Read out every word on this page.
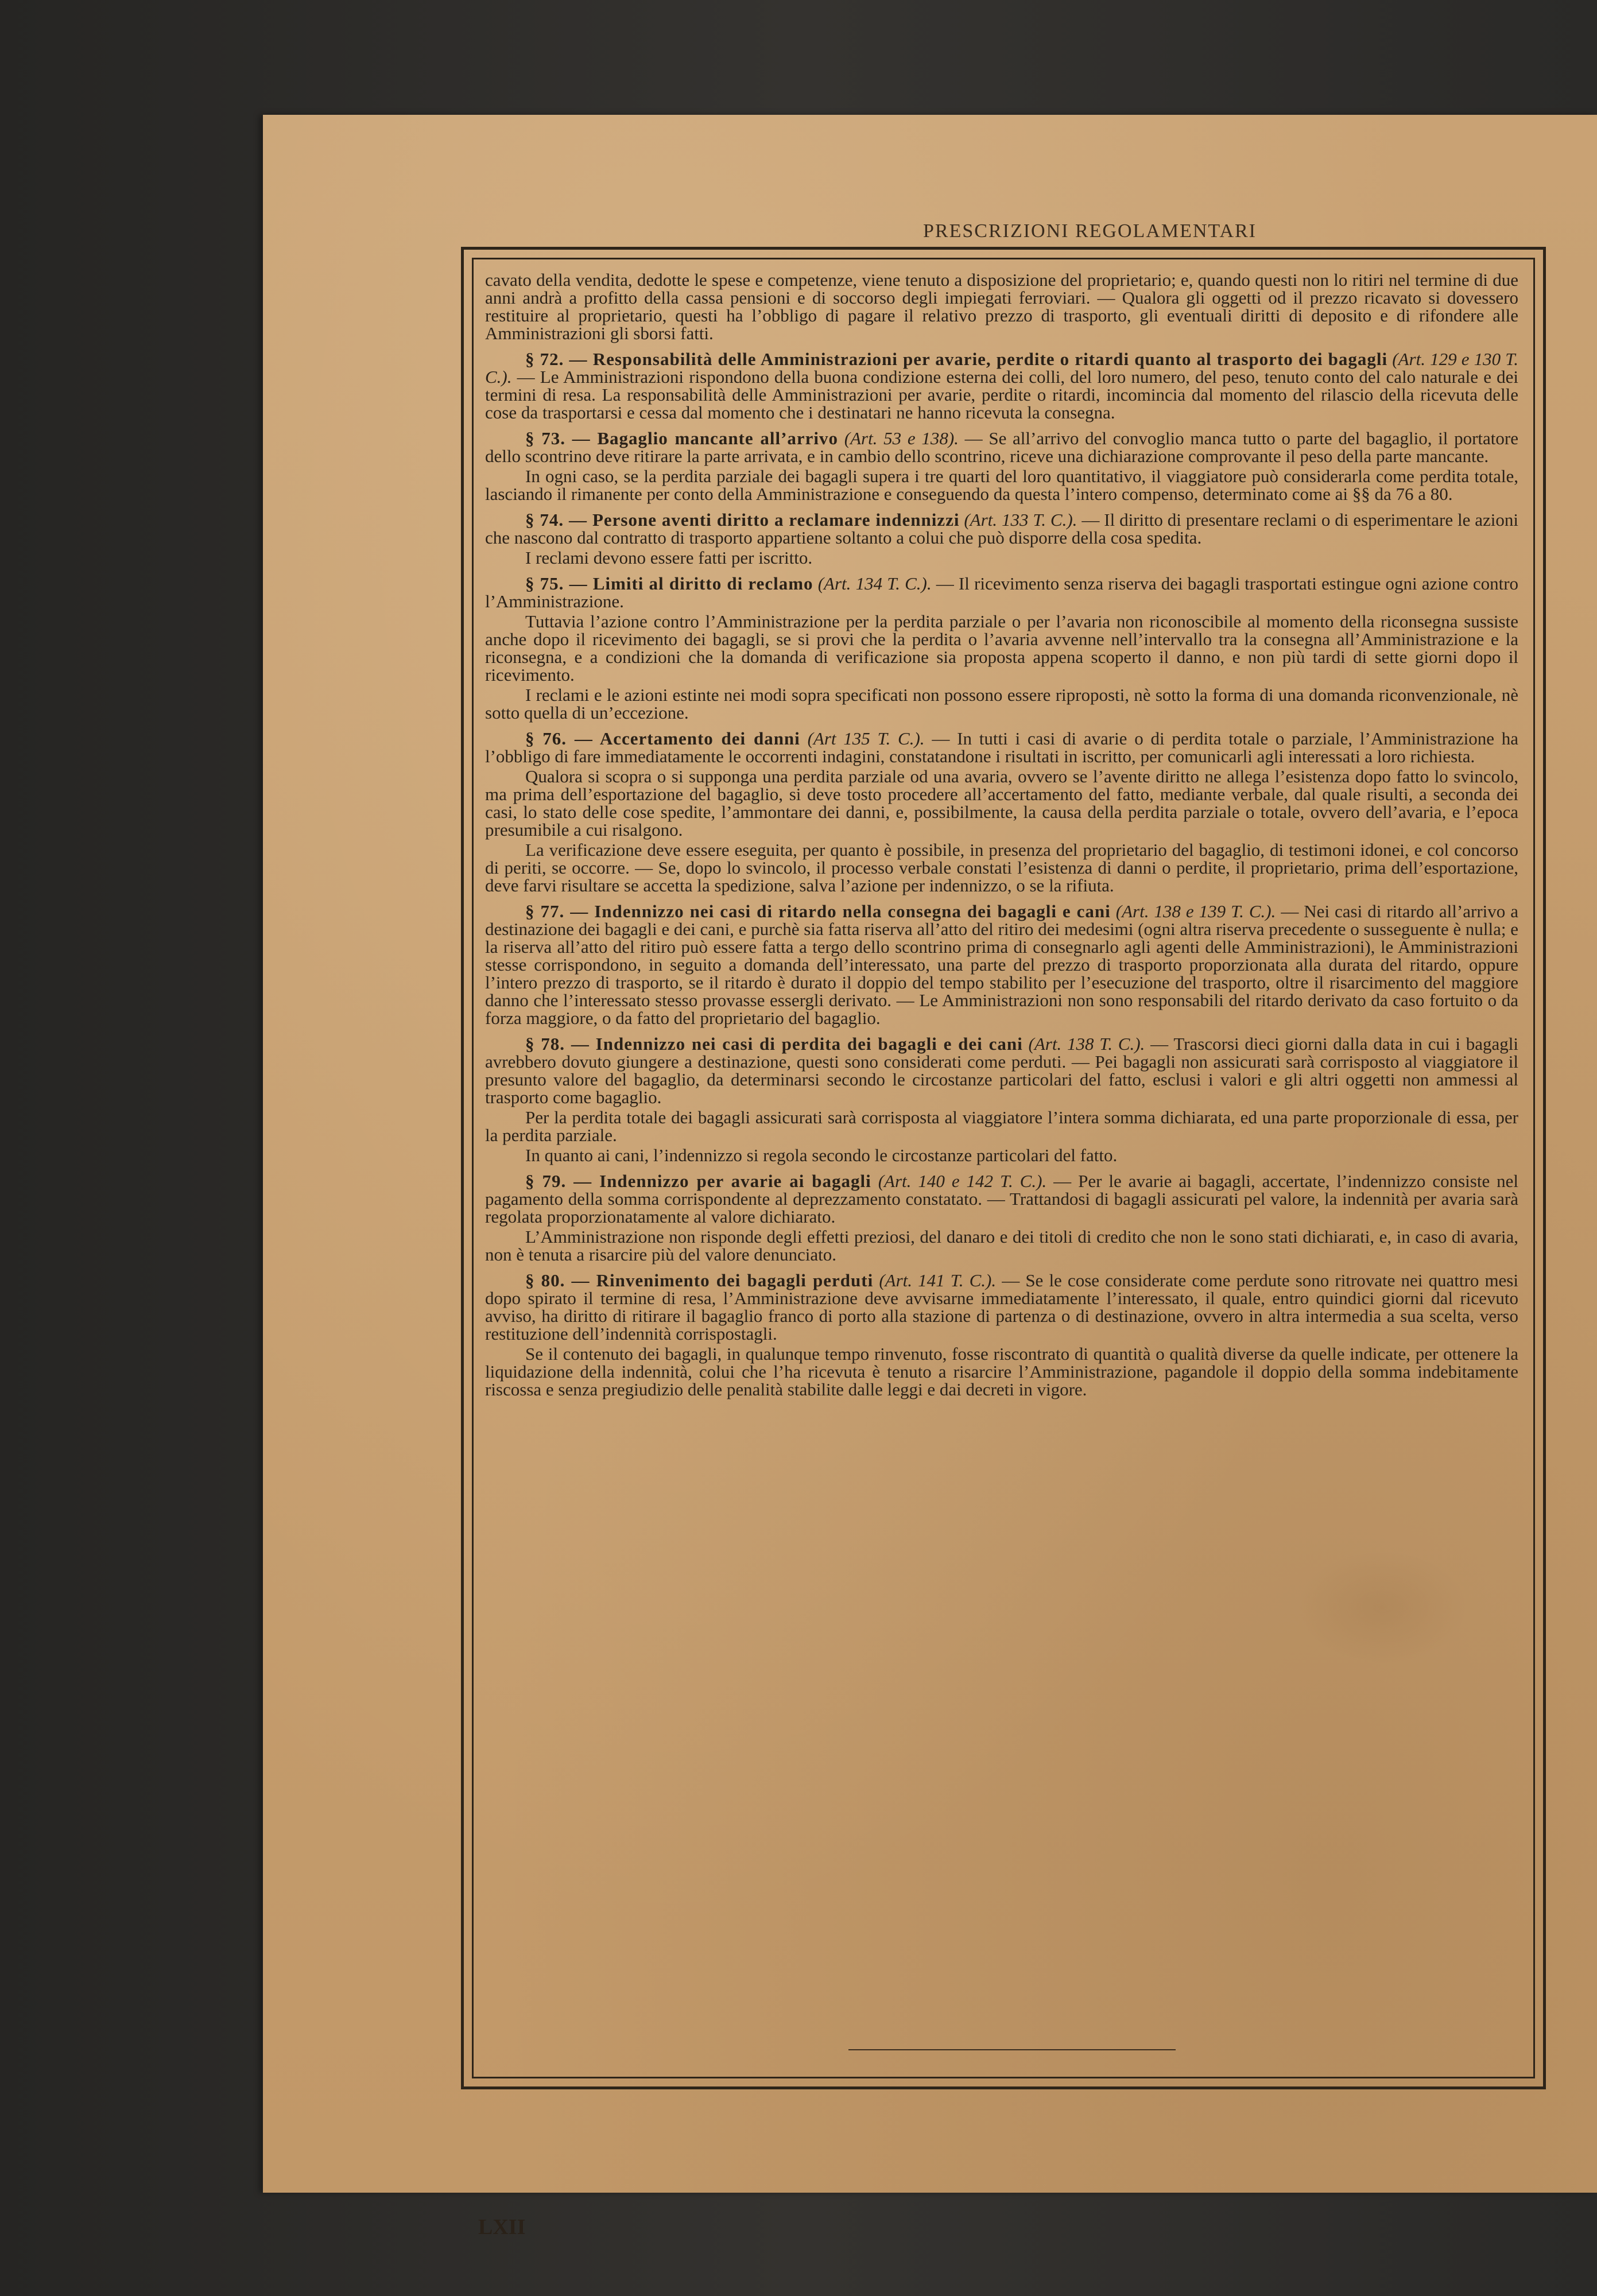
PRESCRIZIONI REGOLAMENTARI

cavato della vendita, dedotte le spese e competenze, viene tenuto a disposizione del proprietario; e, quando questi non lo ritiri nel termine di due anni andrà a profitto della cassa pensioni e di soccorso degli impiegati ferroviari. — Qualora gli oggetti od il prezzo ricavato si dovessero restituire al proprietario, questi ha l’obbligo di pagare il relativo prezzo di trasporto, gli eventuali diritti di deposito e di rifondere alle Amministrazioni gli sborsi fatti.

§ 72. — Responsabilità delle Amministrazioni per avarie, perdite o ritardi quanto al trasporto dei bagagli (Art. 129 e 130 T. C.). — Le Amministrazioni rispondono della buona condizione esterna dei colli, del loro numero, del peso, tenuto conto del calo naturale e dei termini di resa. La responsabilità delle Amministrazioni per avarie, perdite o ritardi, incomincia dal momento del rilascio della ricevuta delle cose da trasportarsi e cessa dal momento che i destinatari ne hanno ricevuta la consegna.

§ 73. — Bagaglio mancante all’arrivo (Art. 53 e 138). — Se all’arrivo del convoglio manca tutto o parte del bagaglio, il portatore dello scontrino deve ritirare la parte arrivata, e in cambio dello scontrino, riceve una dichiarazione comprovante il peso della parte mancante.

In ogni caso, se la perdita parziale dei bagagli supera i tre quarti del loro quantitativo, il viaggiatore può considerarla come perdita totale, lasciando il rimanente per conto della Amministrazione e conseguendo da questa l’intero compenso, determinato come ai §§ da 76 a 80.

§ 74. — Persone aventi diritto a reclamare indennizzi (Art. 133 T. C.). — Il diritto di presentare reclami o di esperimentare le azioni che nascono dal contratto di trasporto appartiene soltanto a colui che può disporre della cosa spedita.

I reclami devono essere fatti per iscritto.

§ 75. — Limiti al diritto di reclamo (Art. 134 T. C.). — Il ricevimento senza riserva dei bagagli trasportati estingue ogni azione contro l’Amministrazione.

Tuttavia l’azione contro l’Amministrazione per la perdita parziale o per l’avaria non riconoscibile al momento della riconsegna sussiste anche dopo il ricevimento dei bagagli, se si provi che la perdita o l’avaria avvenne nell’intervallo tra la consegna all’Amministrazione e la riconsegna, e a condizioni che la domanda di verificazione sia proposta appena scoperto il danno, e non più tardi di sette giorni dopo il ricevimento.

I reclami e le azioni estinte nei modi sopra specificati non possono essere riproposti, nè sotto la forma di una domanda riconvenzionale, nè sotto quella di un’eccezione.

§ 76. — Accertamento dei danni (Art 135 T. C.). — In tutti i casi di avarie o di perdita totale o parziale, l’Amministrazione ha l’obbligo di fare immediatamente le occorrenti indagini, constatandone i risultati in iscritto, per comunicarli agli interessati a loro richiesta.

Qualora si scopra o si supponga una perdita parziale od una avaria, ovvero se l’avente diritto ne allega l’esistenza dopo fatto lo svincolo, ma prima dell’esportazione del bagaglio, si deve tosto procedere all’accertamento del fatto, mediante verbale, dal quale risulti, a seconda dei casi, lo stato delle cose spedite, l’ammontare dei danni, e, possibilmente, la causa della perdita parziale o totale, ovvero dell’avaria, e l’epoca presumibile a cui risalgono.

La verificazione deve essere eseguita, per quanto è possibile, in presenza del proprietario del bagaglio, di testimoni idonei, e col concorso di periti, se occorre. — Se, dopo lo svincolo, il processo verbale constati l’esistenza di danni o perdite, il proprietario, prima dell’esportazione, deve farvi risultare se accetta la spedizione, salva l’azione per indennizzo, o se la rifiuta.

§ 77. — Indennizzo nei casi di ritardo nella consegna dei bagagli e cani (Art. 138 e 139 T. C.). — Nei casi di ritardo all’arrivo a destinazione dei bagagli e dei cani, e purchè sia fatta riserva all’atto del ritiro dei medesimi (ogni altra riserva precedente o susseguente è nulla; e la riserva all’atto del ritiro può essere fatta a tergo dello scontrino prima di consegnarlo agli agenti delle Amministrazioni), le Amministrazioni stesse corrispondono, in seguito a domanda dell’interessato, una parte del prezzo di trasporto proporzionata alla durata del ritardo, oppure l’intero prezzo di trasporto, se il ritardo è durato il doppio del tempo stabilito per l’esecuzione del trasporto, oltre il risarcimento del maggiore danno che l’interessato stesso provasse essergli derivato. — Le Amministrazioni non sono responsabili del ritardo derivato da caso fortuito o da forza maggiore, o da fatto del proprietario del bagaglio.

§ 78. — Indennizzo nei casi di perdita dei bagagli e dei cani (Art. 138 T. C.). — Trascorsi dieci giorni dalla data in cui i bagagli avrebbero dovuto giungere a destinazione, questi sono considerati come perduti. — Pei bagagli non assicurati sarà corrisposto al viaggiatore il presunto valore del bagaglio, da determinarsi secondo le circostanze particolari del fatto, esclusi i valori e gli altri oggetti non ammessi al trasporto come bagaglio.

Per la perdita totale dei bagagli assicurati sarà corrisposta al viaggiatore l’intera somma dichiarata, ed una parte proporzionale di essa, per la perdita parziale.

In quanto ai cani, l’indennizzo si regola secondo le circostanze particolari del fatto.

§ 79. — Indennizzo per avarie ai bagagli (Art. 140 e 142 T. C.). — Per le avarie ai bagagli, accertate, l’indennizzo consiste nel pagamento della somma corrispondente al deprezzamento constatato. — Trattandosi di bagagli assicurati pel valore, la indennità per avaria sarà regolata proporzionatamente al valore dichiarato.

L’Amministrazione non risponde degli effetti preziosi, del danaro e dei titoli di credito che non le sono stati dichiarati, e, in caso di avaria, non è tenuta a risarcire più del valore denunciato.

§ 80. — Rinvenimento dei bagagli perduti (Art. 141 T. C.). — Se le cose considerate come perdute sono ritrovate nei quattro mesi dopo spirato il termine di resa, l’Amministrazione deve avvisarne immediatamente l’interessato, il quale, entro quindici giorni dal ricevuto avviso, ha diritto di ritirare il bagaglio franco di porto alla stazione di partenza o di destinazione, ovvero in altra intermedia a sua scelta, verso restituzione dell’indennità corrispostagli.

Se il contenuto dei bagagli, in qualunque tempo rinvenuto, fosse riscontrato di quantità o qualità diverse da quelle indicate, per ottenere la liquidazione della indennità, colui che l’ha ricevuta è tenuto a risarcire l’Amministrazione, pagandole il doppio della somma indebitamente riscossa e senza pregiudizio delle penalità stabilite dalle leggi e dai decreti in vigore.

LXII
